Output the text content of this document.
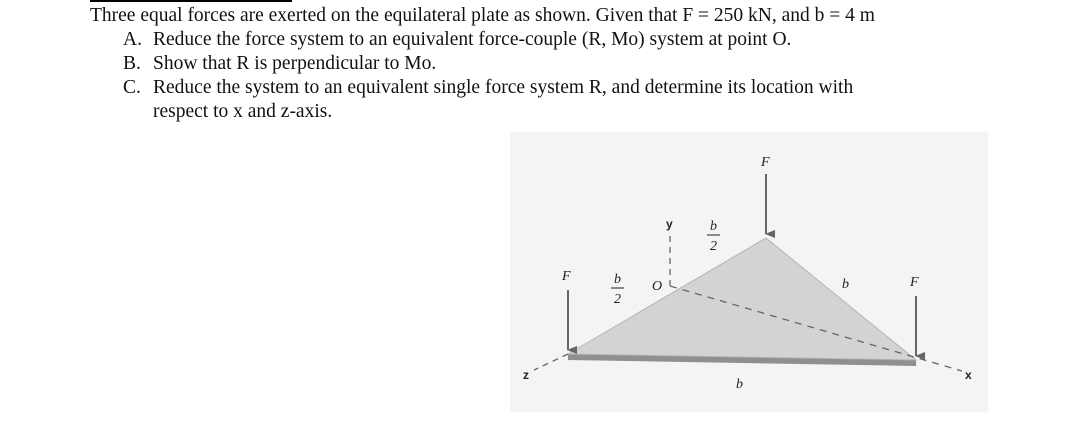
Three equal forces are exerted on the equilateral plate as shown. Given that F = 250 kN, and b = 4 m
A. Reduce the force system to an equivalent force-couple (R, Mo) system at point O.
B. Show that R is perpendicular to Mo.
C. Reduce the system to an equivalent single force system R, and determine its location with
respect to x and z-axis.
F
F	F
y
x
z
O
b
2
b
2
b
b
